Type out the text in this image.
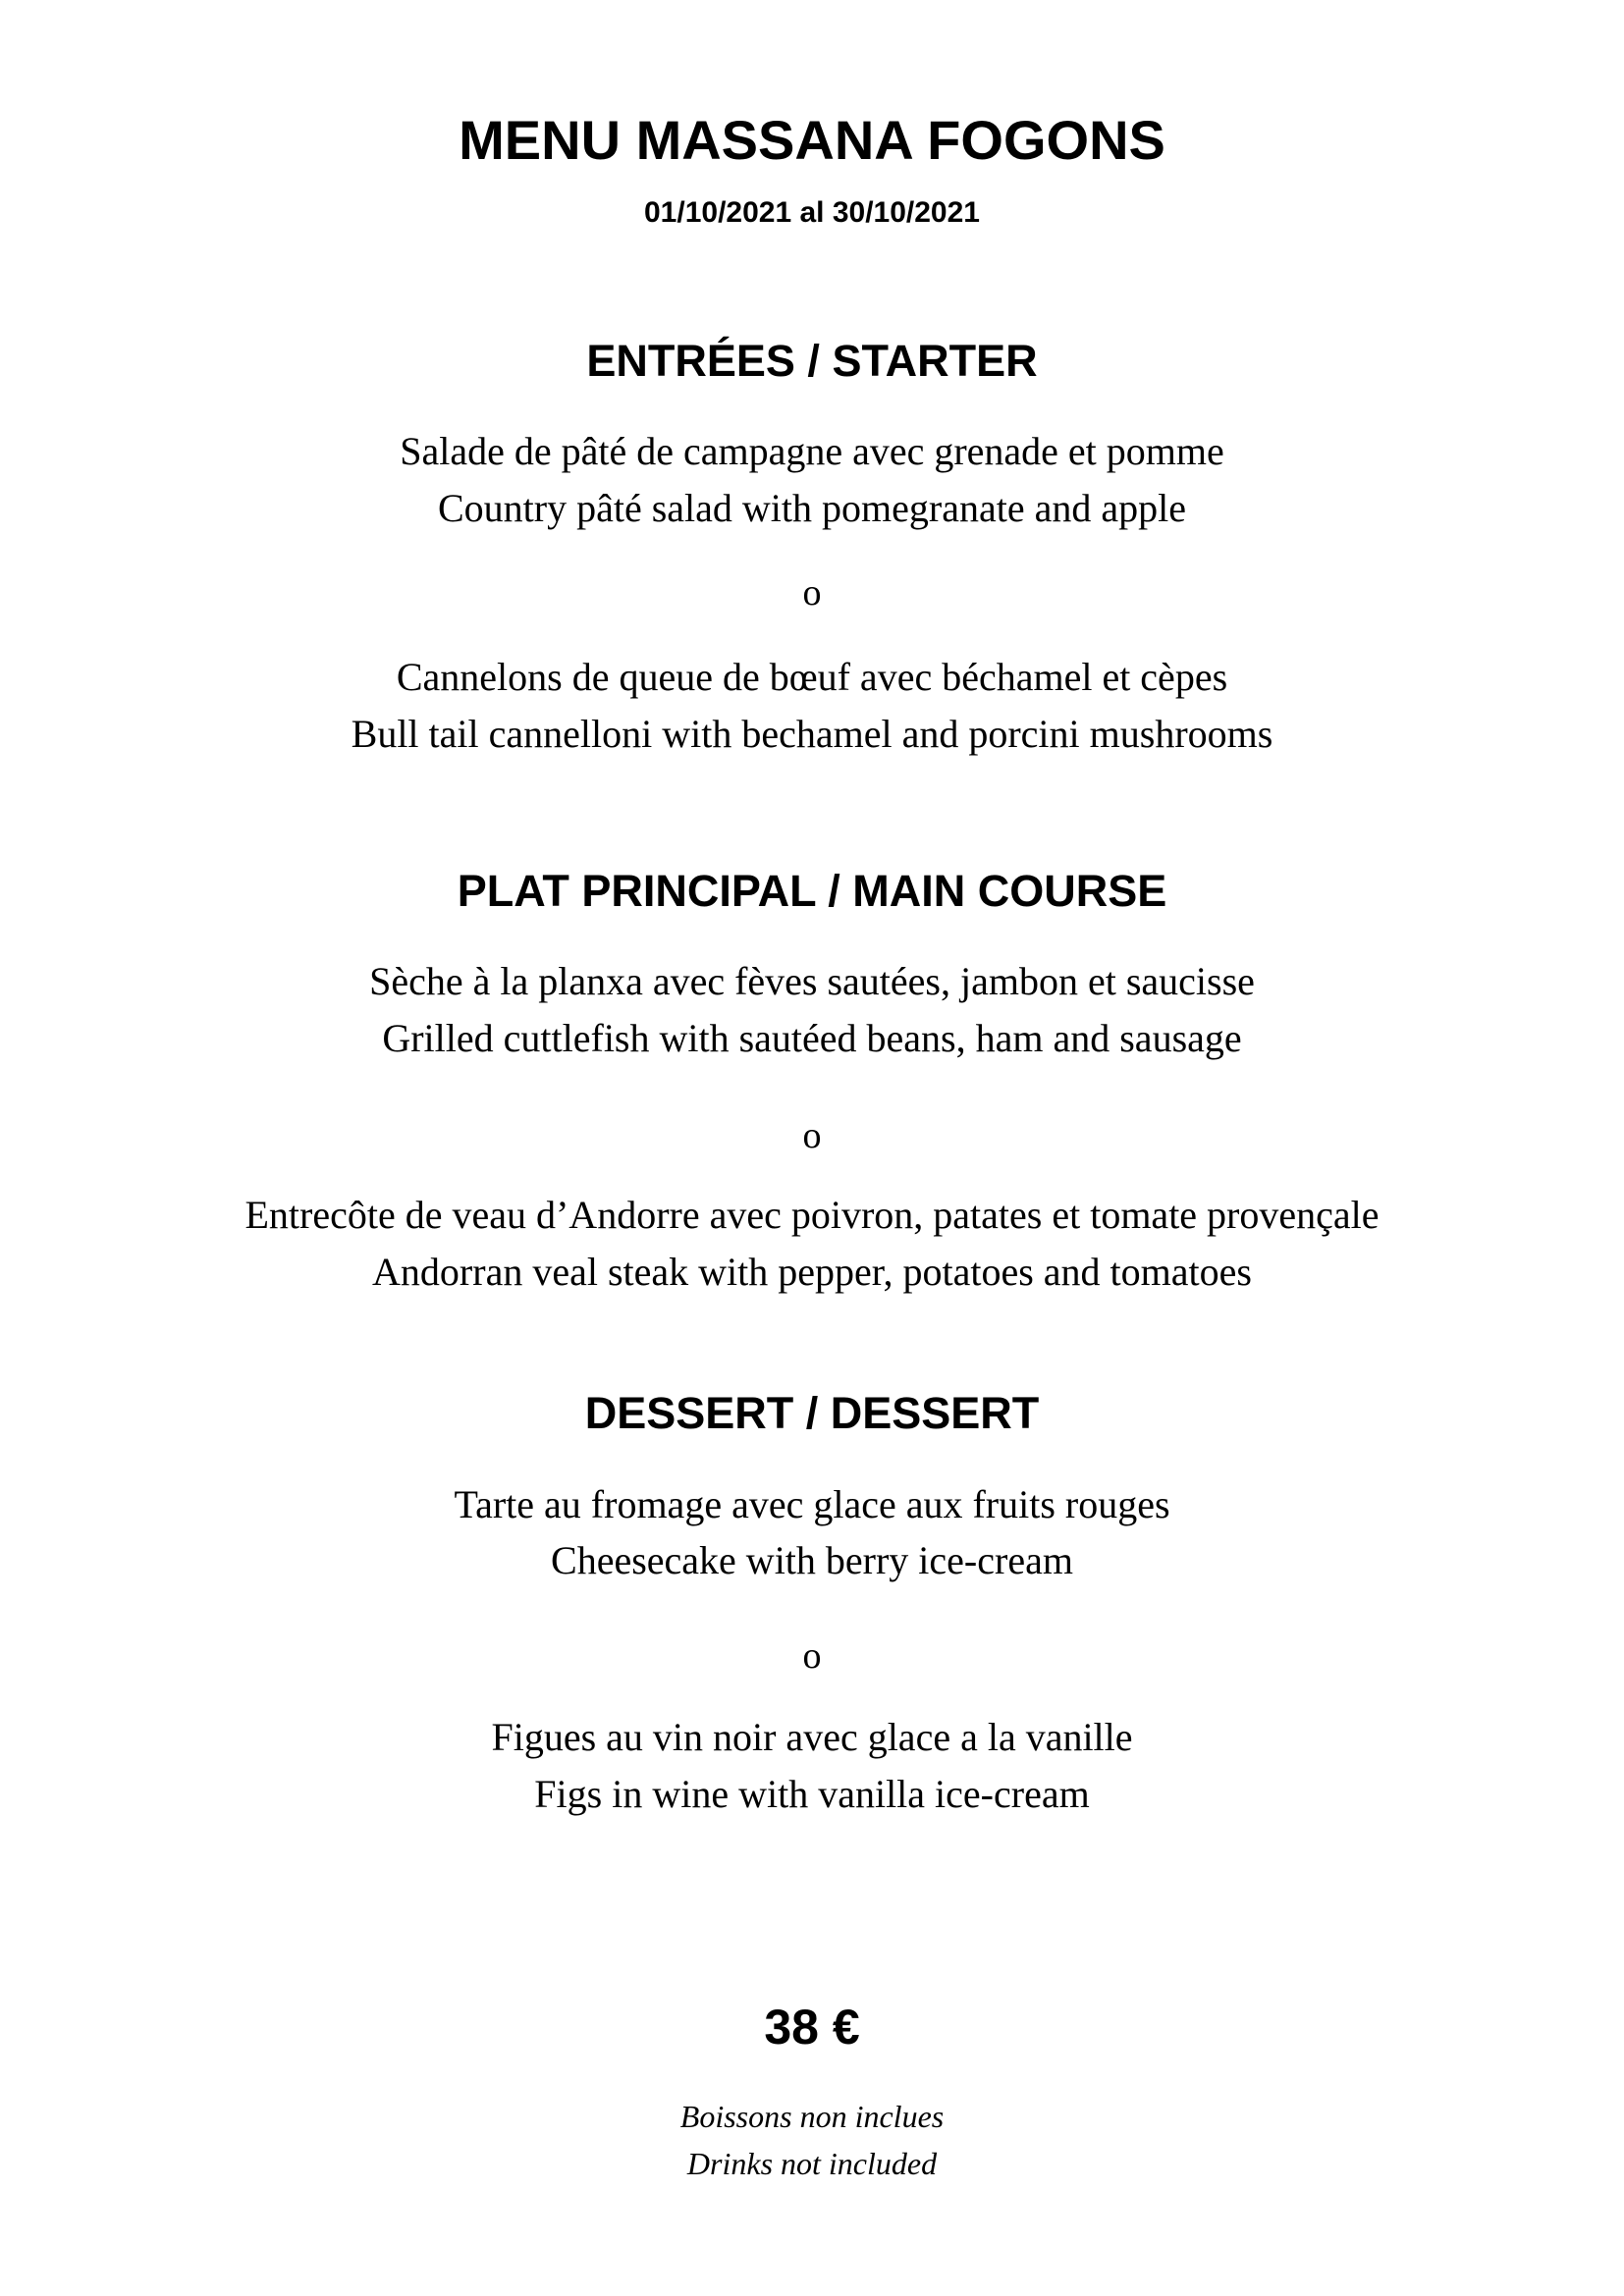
MENU MASSANA FOGONS
01/10/2021 al 30/10/2021
ENTRÉES / STARTER
Salade de pâté de campagne avec grenade et pomme
Country pâté salad with pomegranate and apple
o
Cannelons de queue de bœuf avec béchamel et cèpes
Bull tail cannelloni with bechamel and porcini mushrooms
PLAT PRINCIPAL / MAIN COURSE
Sèche à la planxa avec fèves sautées, jambon et saucisse
Grilled cuttlefish with sautéed beans, ham and sausage
o
Entrecôte de veau d’Andorre avec poivron, patates et tomate provençale
Andorran veal steak with pepper, potatoes and tomatoes
DESSERT / DESSERT
Tarte au fromage avec glace aux fruits rouges
Cheesecake with berry ice-cream
o
Figues au vin noir avec glace a la vanille
Figs in wine with vanilla ice-cream
38 €
Boissons non inclues
Drinks not included
